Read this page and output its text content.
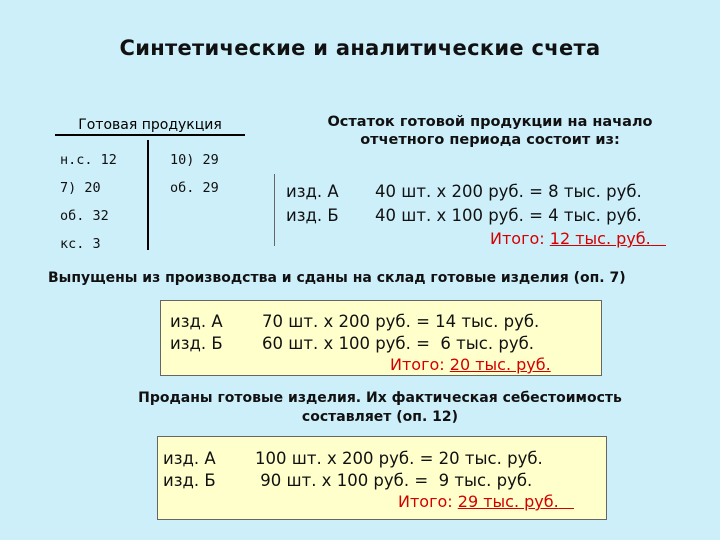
Синтетические и аналитические счета
Готовая продукция
н.с. 12
7) 20
об. 32
кс. 3
10) 29
об. 29
Остаток готовой продукции на начало
отчетного периода состоит из:
изд. А 40 шт. х 200 руб. = 8 тыс. руб.
изд. Б 40 шт. х 100 руб. = 4 тыс. руб.
Итого: 12 тыс. руб.
Выпущены из производства и сданы на склад готовые изделия (оп. 7)
изд. А 70 шт. х 200 руб. = 14 тыс. руб.
изд. Б 60 шт. х 100 руб. =  6 тыс. руб.
Итого: 20 тыс. руб.
Проданы готовые изделия. Их фактическая себестоимость
составляет (оп. 12)
изд. А 100 шт. х 200 руб. = 20 тыс. руб.
изд. Б 90 шт. х 100 руб. =  9 тыс. руб.
Итого: 29 тыс. руб.
